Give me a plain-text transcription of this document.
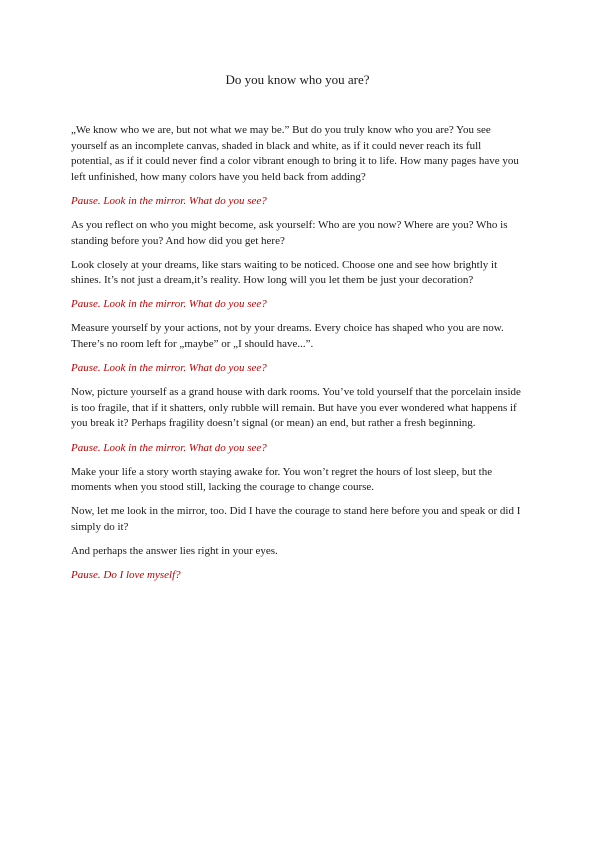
Do you know who you are?

„We know who we are, but not what we may be.” But do you truly know who you are? You see yourself as an incomplete canvas, shaded in black and white, as if it could never reach its full potential, as if it could never find a color vibrant enough to bring it to life. How many pages have you left unfinished, how many colors have you held back from adding?

Pause. Look in the mirror. What do you see?

As you reflect on who you might become, ask yourself: Who are you now? Where are you? Who is standing before you? And how did you get here?

Look closely at your dreams, like stars waiting to be noticed. Choose one and see how brightly it shines. It’s not just a dream,it’s reality. How long will you let them be just your decoration?

Pause. Look in the mirror. What do you see?

Measure yourself by your actions, not by your dreams. Every choice has shaped who you are now. There’s no room left for „maybe” or „I should have...”.

Pause. Look in the mirror. What do you see?

Now, picture yourself as a grand house with dark rooms. You’ve told yourself that the porcelain inside is too fragile, that if it shatters, only rubble will remain. But have you ever wondered what happens if you break it? Perhaps fragility doesn’t signal (or mean) an end, but rather a fresh beginning.

Pause. Look in the mirror. What do you see?

Make your life a story worth staying awake for. You won’t regret the hours of lost sleep, but the moments when you stood still, lacking the courage to change course.

Now, let me look in the mirror, too. Did I have the courage to stand here before you and speak or did I simply do it?

And perhaps the answer lies right in your eyes.

Pause. Do I love myself?
